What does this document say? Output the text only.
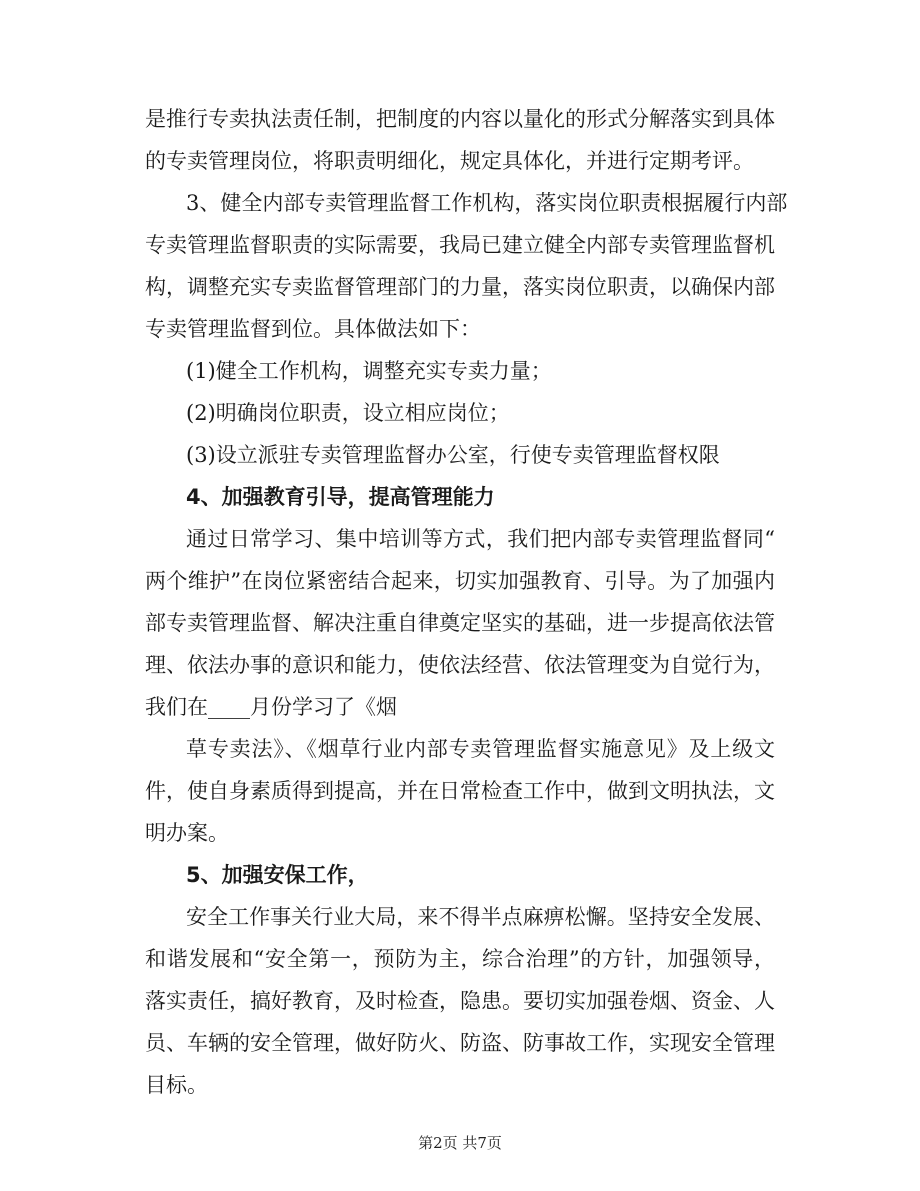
是推行专卖执法责任制，把制度的内容以量化的形式分解落实到具体
的专卖管理岗位，将职责明细化，规定具体化，并进行定期考评。
3、健全内部专卖管理监督工作机构，落实岗位职责根据履行内部
专卖管理监督职责的实际需要，我局已建立健全内部专卖管理监督机
构，调整充实专卖监督管理部门的力量，落实岗位职责，以确保内部
专卖管理监督到位。具体做法如下：
(1)健全工作机构，调整充实专卖力量；
(2)明确岗位职责，设立相应岗位；
(3)设立派驻专卖管理监督办公室，行使专卖管理监督权限
4、加强教育引导，提高管理能力
通过日常学习、集中培训等方式，我们把内部专卖管理监督同“
两个维护”在岗位紧密结合起来，切实加强教育、引导。为了加强内
部专卖管理监督、解决注重自律奠定坚实的基础，进一步提高依法管
理、依法办事的意识和能力，使依法经营、依法管理变为自觉行为，
我们在____月份学习了《烟
草专卖法》、《烟草行业内部专卖管理监督实施意见》及上级文
件，使自身素质得到提高，并在日常检查工作中，做到文明执法，文
明办案。
5、加强安保工作，
安全工作事关行业大局，来不得半点麻痹松懈。坚持安全发展、
和谐发展和“安全第一，预防为主，综合治理”的方针，加强领导，
落实责任，搞好教育，及时检查，隐患。要切实加强卷烟、资金、人
员、车辆的安全管理，做好防火、防盗、防事故工作，实现安全管理
目标。
第2页 共7页
